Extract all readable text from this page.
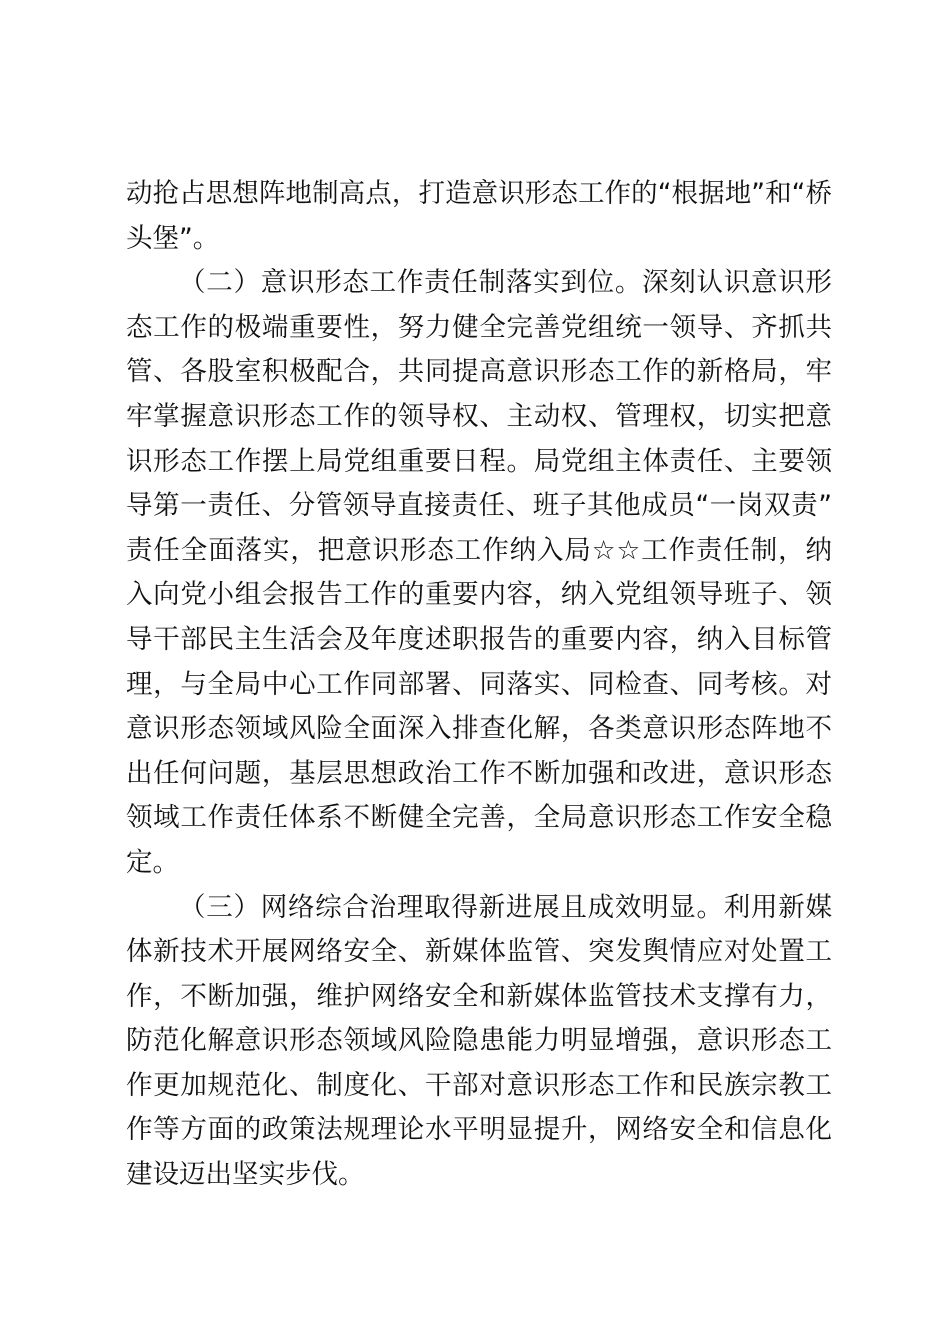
动抢占思想阵地制高点，打造意识形态工作的“根据地”和“桥头堡”。

（二）意识形态工作责任制落实到位。深刻认识意识形态工作的极端重要性，努力健全完善党组统一领导、齐抓共管、各股室积极配合，共同提高意识形态工作的新格局，牢牢掌握意识形态工作的领导权、主动权、管理权，切实把意识形态工作摆上局党组重要日程。局党组主体责任、主要领导第一责任、分管领导直接责任、班子其他成员“一岗双责”责任全面落实，把意识形态工作纳入局☆☆工作责任制，纳入向党小组会报告工作的重要内容，纳入党组领导班子、领导干部民主生活会及年度述职报告的重要内容，纳入目标管理，与全局中心工作同部署、同落实、同检查、同考核。对意识形态领域风险全面深入排查化解，各类意识形态阵地不出任何问题，基层思想政治工作不断加强和改进，意识形态领域工作责任体系不断健全完善，全局意识形态工作安全稳定。

（三）网络综合治理取得新进展且成效明显。利用新媒体新技术开展网络安全、新媒体监管、突发舆情应对处置工作，不断加强，维护网络安全和新媒体监管技术支撑有力，防范化解意识形态领域风险隐患能力明显增强，意识形态工作更加规范化、制度化、干部对意识形态工作和民族宗教工作等方面的政策法规理论水平明显提升，网络安全和信息化建设迈出坚实步伐。
